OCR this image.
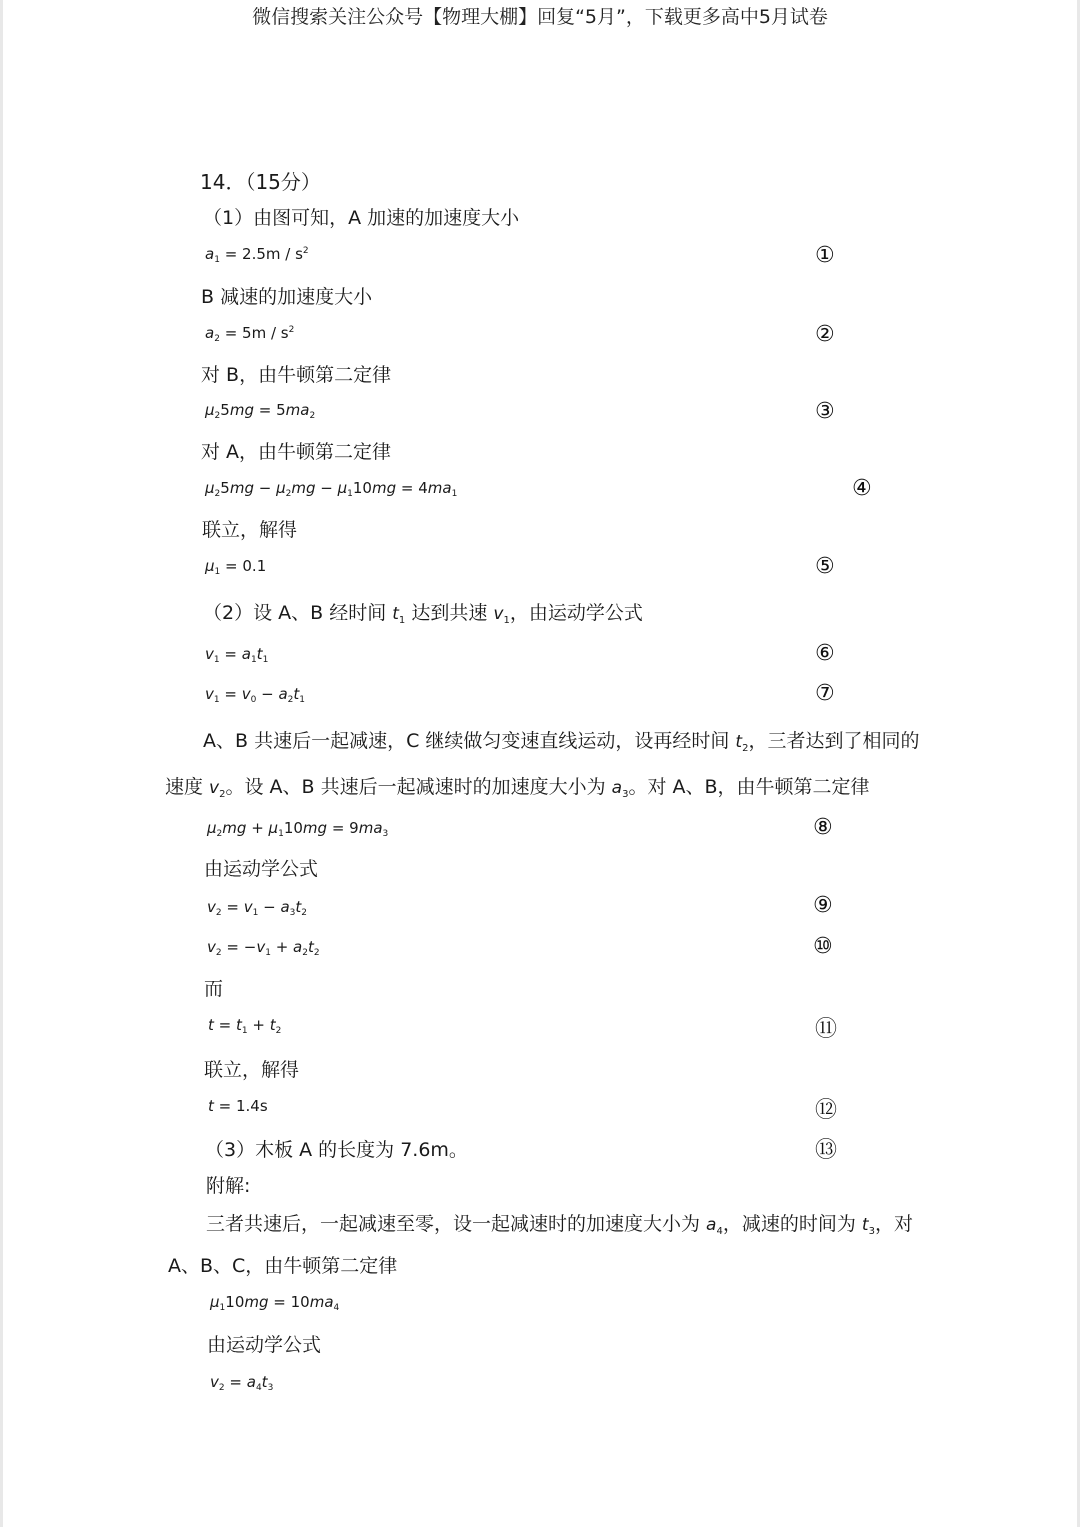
微信搜索关注公众号【物理大棚】回复“5月”，下载更多高中5月试卷
14．（15分）
（1）由图可知，A 加速的加速度大小
$a_1 = 2.5m / s^2$	①
B 减速的加速度大小
$a_2 = 5m / s^2$	②
对 B，由牛顿第二定律
$\mu_25mg = 5ma_2$	③
对 A，由牛顿第二定律
$\mu_25mg - \mu_2mg - \mu_110mg = 4ma_1$	④
联立，解得
$\mu_1 = 0.1$	⑤
（2）设 A、B 经时间 $t_1$ 达到共速 $v_1$，由运动学公式
$v_1 = a_1t_1$	⑥
$v_1 = v_0 - a_2t_1$	⑦
A、B 共速后一起减速，C 继续做匀变速直线运动，设再经时间 $t_2$，三者达到了相同的
速度 $v_2$。设 A、B 共速后一起减速时的加速度大小为 $a_3$。对 A、B，由牛顿第二定律
$\mu_2mg + \mu_110mg = 9ma_3$	⑧
由运动学公式
$v_2 = v_1 - a_3t_2$	⑨
$v_2 = -v_1 + a_2t_2$	⑩
而
$t = t_1 + t_2$	⑪
联立，解得
t = 1.4s	⑫
（3）木板 A 的长度为 7.6m。	⑬
附解:
三者共速后，一起减速至零，设一起减速时的加速度大小为 $a_4$，减速的时间为 $t_3$，对
A、B、C，由牛顿第二定律
$\mu_110mg = 10ma_4$
由运动学公式
$v_2 = a_4t_3$
